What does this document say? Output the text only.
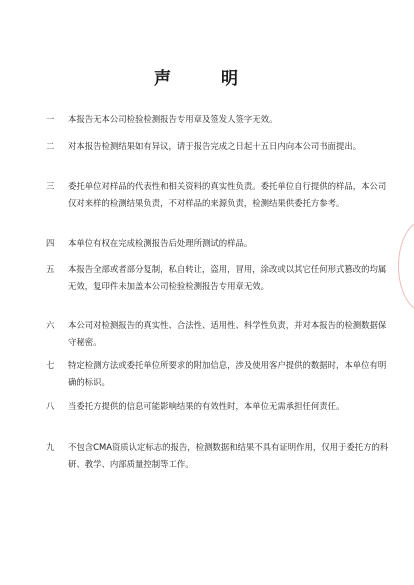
声 明
一	本报告无本公司检验检测报告专用章及签发人签字无效。
二	对本报告检测结果如有异议，请于报告完成之日起十五日内向本公司书面提出。
三	委托单位对样品的代表性和相关资料的真实性负责。委托单位自行提供的样品，本公司仅对来样的检测结果负责，不对样品的来源负责，检测结果供委托方参考。
四	本单位有权在完成检测报告后处理所测试的样品。
五	本报告全部或者部分复制，私自转让，盗用，冒用，涂改或以其它任何形式篡改的均属无效，复印件未加盖本公司检验检测报告专用章无效。
六	本公司对检测报告的真实性、合法性、适用性、科学性负责，并对本报告的检测数据保守秘密。
七	特定检测方法或委托单位所要求的附加信息，涉及使用客户提供的数据时，本单位有明确的标识。
八	当委托方提供的信息可能影响结果的有效性时，本单位无需承担任何责任。
九	不包含CMA资质认定标志的报告，检测数据和结果不具有证明作用，仅用于委托方的科研、教学、内部质量控制等工作。
